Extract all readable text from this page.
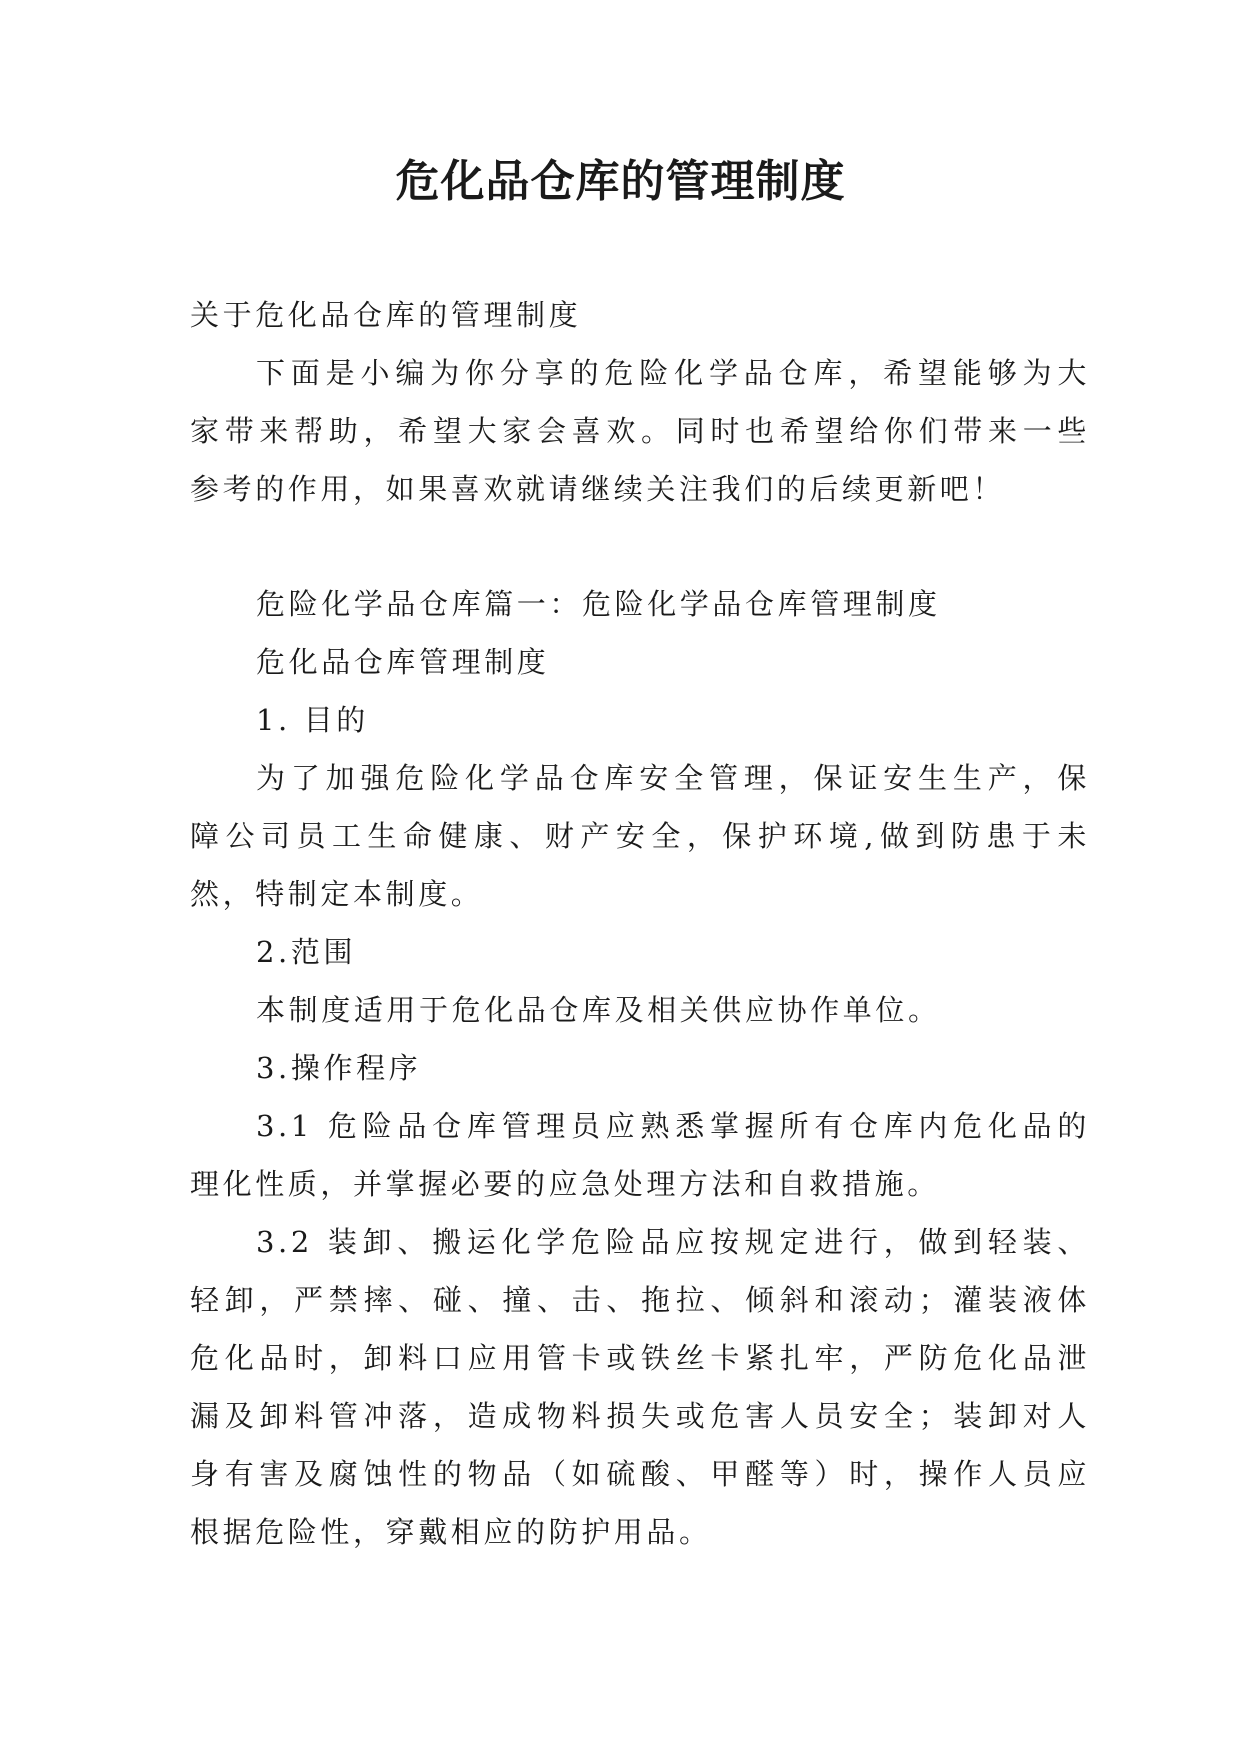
危化品仓库的管理制度
关于危化品仓库的管理制度
下面是小编为你分享的危险化学品仓库，希望能够为大
家带来帮助，希望大家会喜欢。同时也希望给你们带来一些
参考的作用，如果喜欢就请继续关注我们的后续更新吧！
危险化学品仓库篇一：危险化学品仓库管理制度
危化品仓库管理制度
1. 目的
为了加强危险化学品仓库安全管理，保证安生生产，保
障公司员工生命健康、财产安全，保护环境,做到防患于未
然，特制定本制度。
2.范围
本制度适用于危化品仓库及相关供应协作单位。
3.操作程序
3.1 危险品仓库管理员应熟悉掌握所有仓库内危化品的
理化性质，并掌握必要的应急处理方法和自救措施。
3.2 装卸、搬运化学危险品应按规定进行，做到轻装、
轻卸，严禁摔、碰、撞、击、拖拉、倾斜和滚动；灌装液体
危化品时，卸料口应用管卡或铁丝卡紧扎牢，严防危化品泄
漏及卸料管冲落，造成物料损失或危害人员安全；装卸对人
身有害及腐蚀性的物品（如硫酸、甲醛等）时，操作人员应
根据危险性，穿戴相应的防护用品。
